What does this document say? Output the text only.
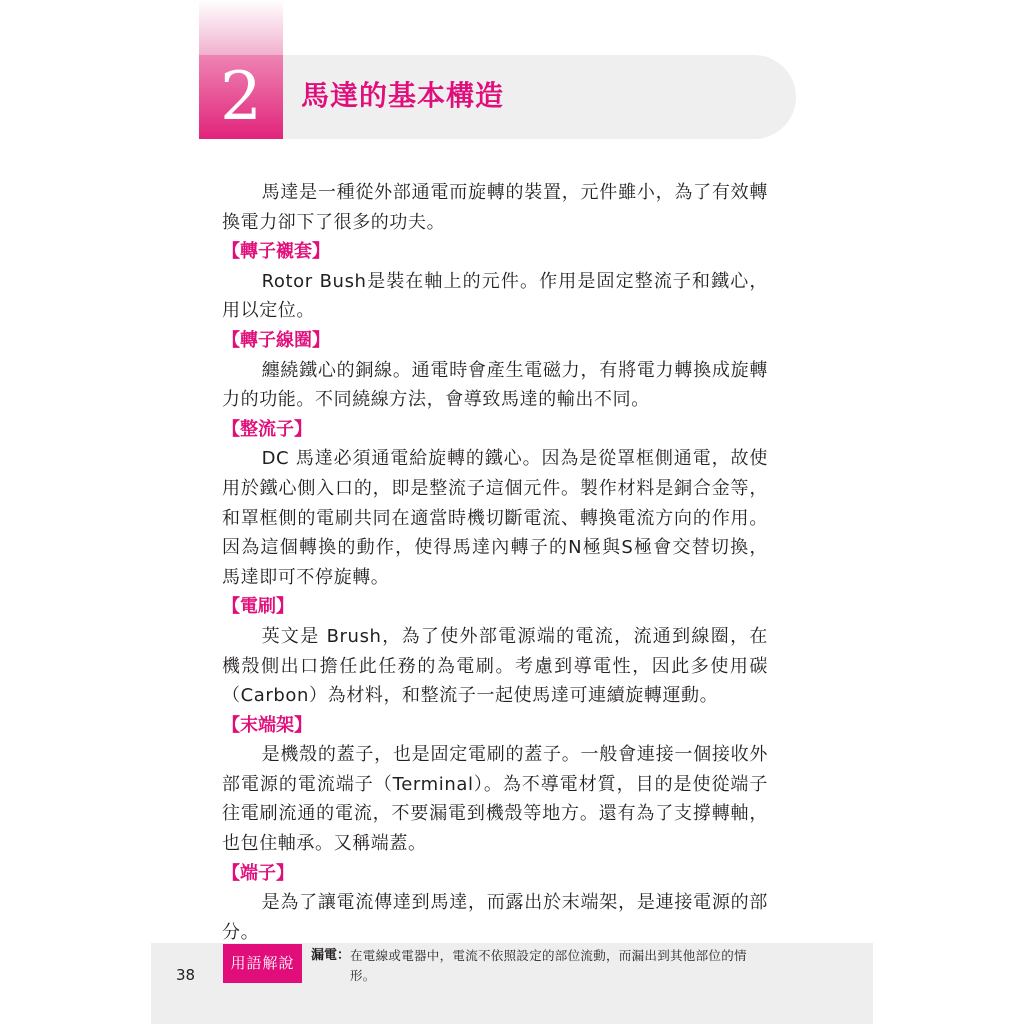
2	馬達的基本構造

馬達是一種從外部通電而旋轉的裝置，元件雖小，為了有效轉換電力卻下了很多的功夫。

【轉子襯套】

Rotor Bush是裝在軸上的元件。作用是固定整流子和鐵心，用以定位。

【轉子線圈】

纏繞鐵心的銅線。通電時會產生電磁力，有將電力轉換成旋轉力的功能。不同繞線方法，會導致馬達的輸出不同。

【整流子】

DC 馬達必須通電給旋轉的鐵心。因為是從罩框側通電，故使用於鐵心側入口的，即是整流子這個元件。製作材料是銅合金等，和罩框側的電刷共同在適當時機切斷電流、轉換電流方向的作用。因為這個轉換的動作，使得馬達內轉子的N極與S極會交替切換，馬達即可不停旋轉。

【電刷】

英文是 Brush，為了使外部電源端的電流，流通到線圈，在機殼側出口擔任此任務的為電刷。考慮到導電性，因此多使用碳（Carbon）為材料，和整流子一起使馬達可連續旋轉運動。

【末端架】

是機殼的蓋子，也是固定電刷的蓋子。一般會連接一個接收外部電源的電流端子（Terminal）。為不導電材質，目的是使從端子往電刷流通的電流，不要漏電到機殼等地方。還有為了支撐轉軸，也包住軸承。又稱端蓋。

【端子】

是為了讓電流傳達到馬達，而露出於末端架，是連接電源的部分。

38
用語解說	漏電： 在電線或電器中，電流不依照設定的部位流動，而漏出到其他部位的情形。
